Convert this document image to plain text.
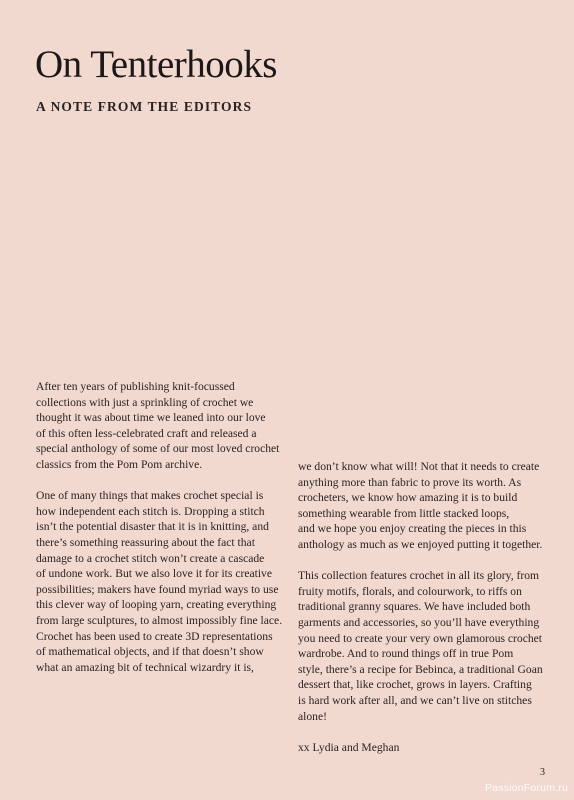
On Tenterhooks
A NOTE FROM THE EDITORS
After ten years of publishing knit-focussed
collections with just a sprinkling of crochet we
thought it was about time we leaned into our love
of this often less-celebrated craft and released a
special anthology of some of our most loved crochet
classics from the Pom Pom archive.
One of many things that makes crochet special is
how independent each stitch is. Dropping a stitch
isn’t the potential disaster that it is in knitting, and
there’s something reassuring about the fact that
damage to a crochet stitch won’t create a cascade
of undone work. But we also love it for its creative
possibilities; makers have found myriad ways to use
this clever way of looping yarn, creating everything
from large sculptures, to almost impossibly fine lace.
Crochet has been used to create 3D representations
of mathematical objects, and if that doesn’t show
what an amazing bit of technical wizardry it is,
we don’t know what will! Not that it needs to create
anything more than fabric to prove its worth. As
crocheters, we know how amazing it is to build
something wearable from little stacked loops,
and we hope you enjoy creating the pieces in this
anthology as much as we enjoyed putting it together.
This collection features crochet in all its glory, from
fruity motifs, florals, and colourwork, to riffs on
traditional granny squares. We have included both
garments and accessories, so you’ll have everything
you need to create your very own glamorous crochet
wardrobe. And to round things off in true Pom
style, there’s a recipe for Bebinca, a traditional Goan
dessert that, like crochet, grows in layers. Crafting
is hard work after all, and we can’t live on stitches
alone!
xx Lydia and Meghan
3
PassionForum.ru
